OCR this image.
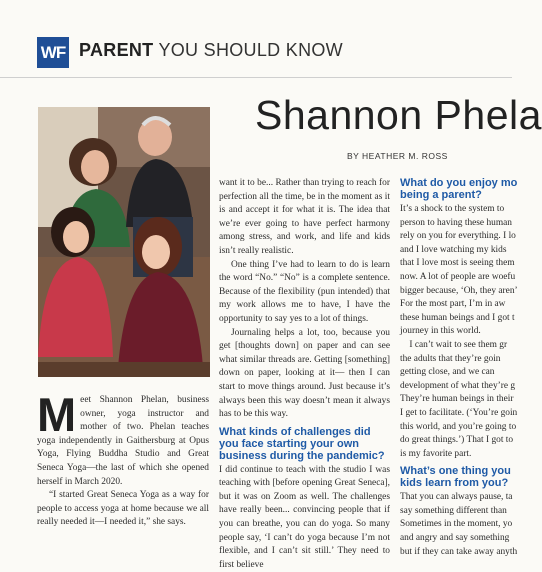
WF PARENT YOU SHOULD KNOW
Shannon Phela
BY HEATHER M. ROSS
M eet Shannon Phelan, business owner, yoga instructor and mother of two. Phelan teaches yoga independently in Gaithersburg at Opus Yoga, Flying Buddha Studio and Great Seneca Yoga—the last of which she opened herself in March 2020.

“I started Great Seneca Yoga as a way for people to access yoga at home because we all really needed it—I needed it,” she says.

want it to be... Rather than trying to reach for perfection all the time, be in the moment as it is and accept it for what it is. The idea that we’re ever going to have perfect harmony among stress, and work, and life and kids isn’t really realistic.

One thing I’ve had to learn to do is learn the word “No.” “No” is a complete sentence. Because of the flexibility (pun intended) that my work allows me to have, I have the opportunity to say yes to a lot of things.

Journaling helps a lot, too, because you get [thoughts down] on paper and can see what similar threads are. Getting [something] down on paper, looking at it— then I can start to move things around. Just because it’s always been this way doesn’t mean it always has to be this way.

What kinds of challenges did you face starting your own business during the pandemic?

I did continue to teach with the studio I was teaching with [before opening Great Seneca], but it was on Zoom as well. The challenges have really been... convincing people that if you can breathe, you can do yoga. So many people say, ‘I can’t do yoga because I’m not flexible, and I can’t sit still.’ They need to first believe

What do you enjoy mo
being a parent?

It’s a shock to the system to

person to having these human

rely on you for everything. I lo

and I love watching my kids

that I love most is seeing them

now. A lot of people are woefu

bigger because, ‘Oh, they aren’

For the most part, I’m in aw

these human beings and I got t

journey in this world.

I can’t wait to see them gr

the adults that they’re goin

getting close, and we can

development of what they’re g

They’re human beings in their

I get to facilitate. (‘You’re goin

this world, and you’re going to

do great things.’) That I got to

is my favorite part.

What’s one thing you
kids learn from you?

That you can always pause, ta

say something different than

Sometimes in the moment, yo

and angry and say something

but if they can take away anyth
